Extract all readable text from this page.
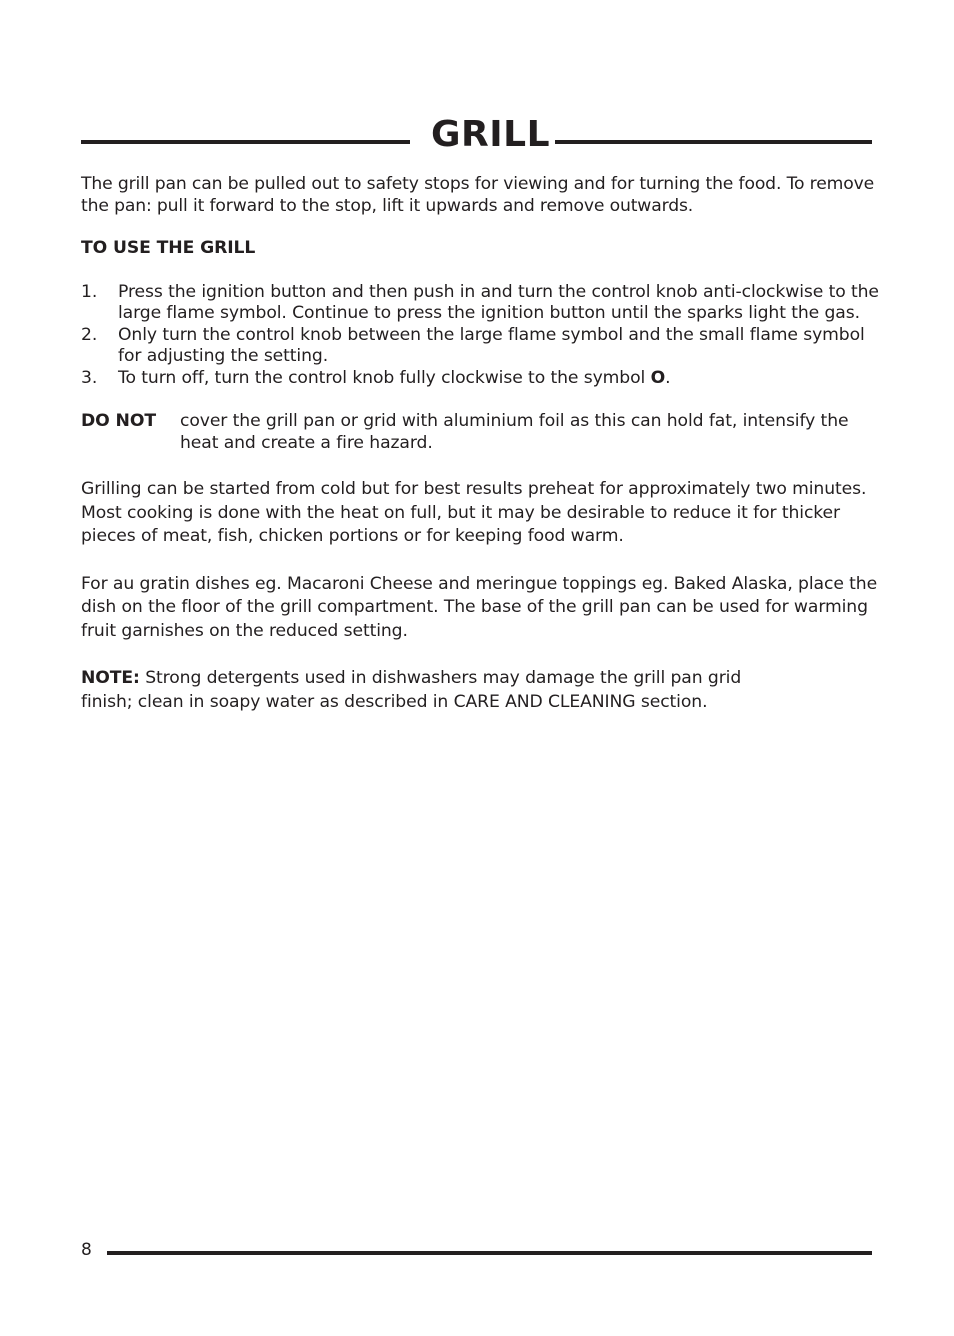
GRILL

The grill pan can be pulled out to safety stops for viewing and for turning the food. To remove the pan: pull it forward to the stop, lift it upwards and remove outwards.

TO USE THE GRILL

1. Press the ignition button and then push in and turn the control knob anti-clockwise to the large flame symbol. Continue to press the ignition button until the sparks light the gas.
2. Only turn the control knob between the large flame symbol and the small flame symbol for adjusting the setting.
3. To turn off, turn the control knob fully clockwise to the symbol O.
DO NOT cover the grill pan or grid with aluminium foil as this can hold fat, intensify the heat and create a fire hazard.

Grilling can be started from cold but for best results preheat for approximately two minutes. Most cooking is done with the heat on full, but it may be desirable to reduce it for thicker pieces of meat, fish, chicken portions or for keeping food warm.

For au gratin dishes eg. Macaroni Cheese and meringue toppings eg. Baked Alaska, place the dish on the floor of the grill compartment. The base of the grill pan can be used for warming fruit garnishes on the reduced setting.

NOTE: Strong detergents used in dishwashers may damage the grill pan grid
finish; clean in soapy water as described in CARE AND CLEANING section.

8
